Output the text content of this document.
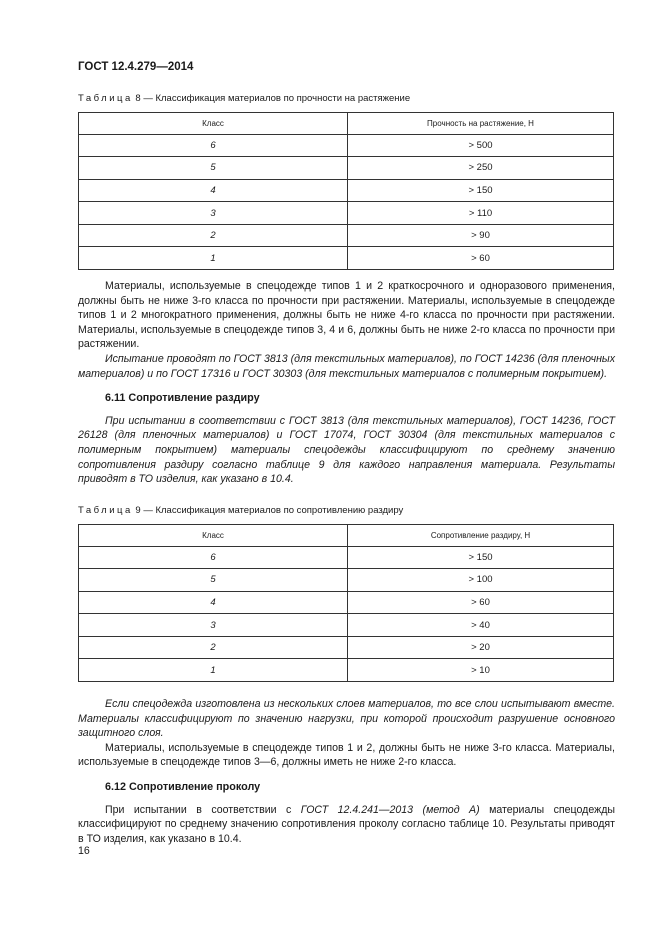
ГОСТ 12.4.279—2014
Таблица 8 — Классификация материалов по прочности на растяжение
Класс	Прочность на растяжение, Н
6	> 500
5	> 250
4	> 150
3	> 110
2	> 90
1	> 60

Материалы, используемые в спецодежде типов 1 и 2 краткосрочного и одноразового применения, должны быть не ниже 3-го класса по прочности при растяжении. Материалы, используемые в спецодежде типов 1 и 2 многократного применения, должны быть не ниже 4-го класса по прочности при растяжении. Материалы, используемые в спецодежде типов 3, 4 и 6, должны быть не ниже 2-го класса по прочности при растяжении.

Испытание проводят по ГОСТ 3813 (для текстильных материалов), по ГОСТ 14236 (для пленочных материалов) и по ГОСТ 17316 и ГОСТ 30303 (для текстильных материалов с полимерным покрытием).

6.11 Сопротивление раздиру

При испытании в соответствии с ГОСТ 3813 (для текстильных материалов), ГОСТ 14236, ГОСТ 26128 (для пленочных материалов) и ГОСТ 17074, ГОСТ 30304 (для текстильных материалов с полимерным покрытием) материалы спецодежды классифицируют по среднему значению сопротивления раздиру согласно таблице 9 для каждого направления материала. Результаты приводят в ТО изделия, как указано в 10.4.

Таблица 9 — Классификация материалов по сопротивлению раздиру
Класс	Сопротивление раздиру, Н
6	> 150
5	> 100
4	> 60
3	> 40
2	> 20
1	> 10

Если спецодежда изготовлена из нескольких слоев материалов, то все слои испытывают вместе. Материалы классифицируют по значению нагрузки, при которой происходит разрушение основного защитного слоя.

Материалы, используемые в спецодежде типов 1 и 2, должны быть не ниже 3-го класса. Материалы, используемые в спецодежде типов 3—6, должны иметь не ниже 2-го класса.

6.12 Сопротивление проколу

При испытании в соответствии с ГОСТ 12.4.241—2013 (метод А) материалы спецодежды классифицируют по среднему значению сопротивления проколу согласно таблице 10. Результаты приводят в ТО изделия, как указано в 10.4.

16
